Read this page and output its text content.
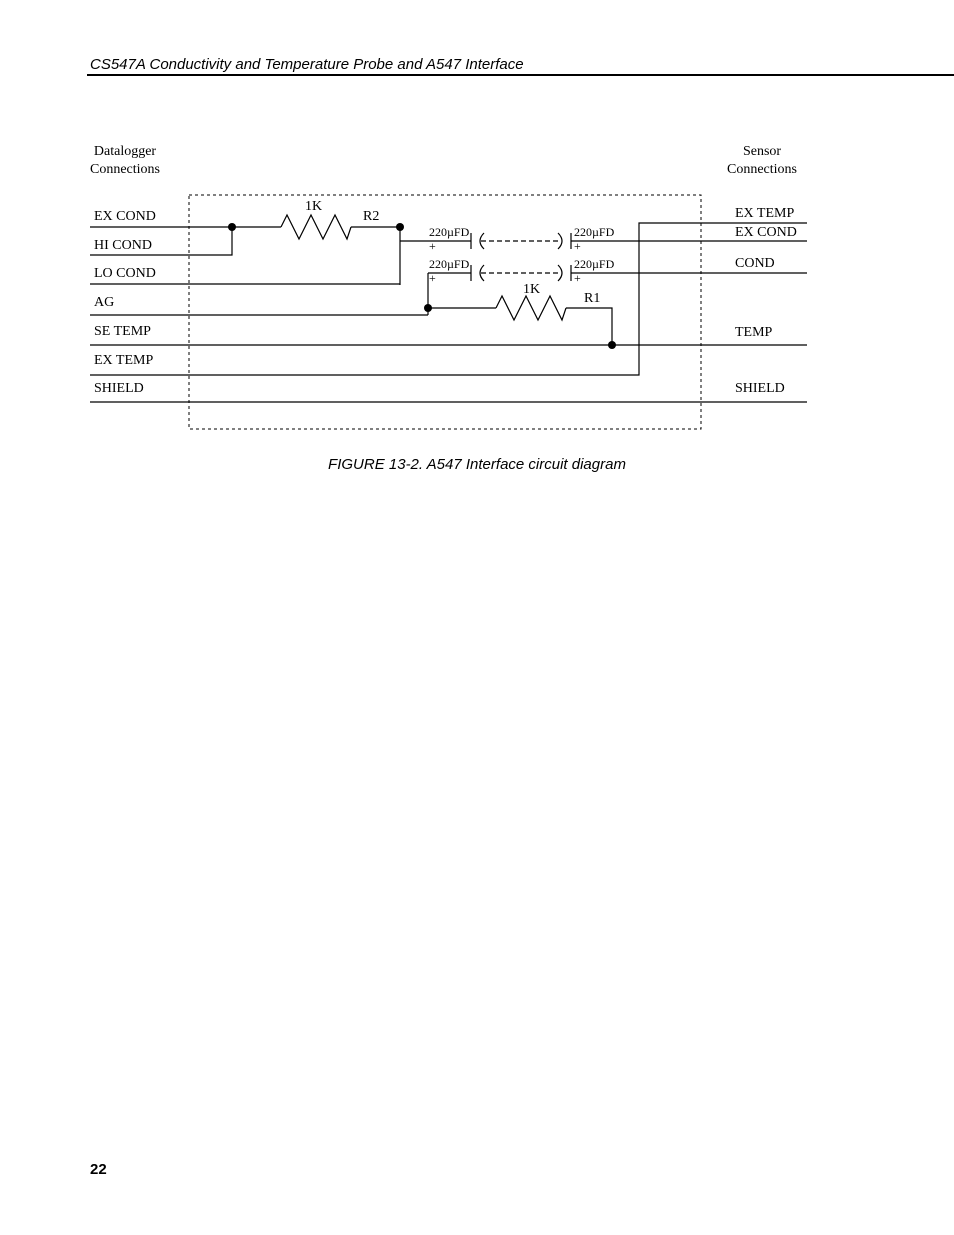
CS547A Conductivity and Temperature Probe and A547 Interface
Datalogger
Connections
Sensor
Connections
EX COND
HI COND
LO COND
AG
SE TEMP
EX TEMP
SHIELD
EX TEMP
EX COND
COND
TEMP
SHIELD
1K
R2
1K
R1
220µFD
+
220µFD
+
220µFD
+
220µFD
+
FIGURE 13-2. A547 Interface circuit diagram
22
